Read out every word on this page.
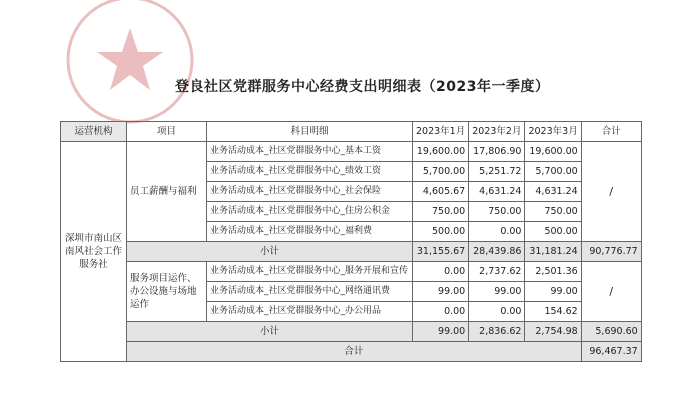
登良社区党群服务中心经费支出明细表（2023年一季度）
运营机构	项目	科目明细	2023年1月	2023年2月	2023年3月	合计
深圳市南山区南风社会工作服务社	员工薪酬与福利	业务活动成本_社区党群服务中心_基本工资	19,600.00	17,806.90	19,600.00	/
		业务活动成本_社区党群服务中心_绩效工资	5,700.00	5,251.72	5,700.00	
		业务活动成本_社区党群服务中心_社会保险	4,605.67	4,631.24	4,631.24	
		业务活动成本_社区党群服务中心_住房公积金	750.00	750.00	750.00	
		业务活动成本_社区党群服务中心_福利费	500.00	0.00	500.00	
	小计		31,155.67	28,439.86	31,181.24	90,776.77
	服务项目运作、办公设施与场地运作	业务活动成本_社区党群服务中心_服务开展和宣传	0.00	2,737.62	2,501.36	/
		业务活动成本_社区党群服务中心_网络通讯费	99.00	99.00	99.00	
		业务活动成本_社区党群服务中心_办公用品	0.00	0.00	154.62	
	小计		99.00	2,836.62	2,754.98	5,690.60
	合计					96,467.37
